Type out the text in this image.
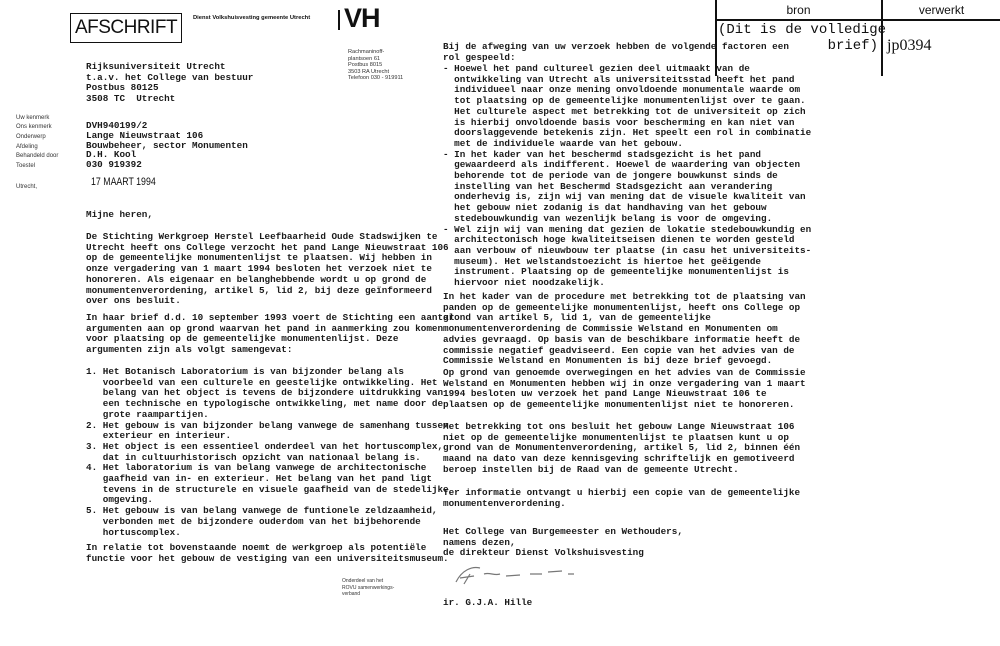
AFSCHRIFT	Dienst Volkshuisvesting gemeente Utrecht VH
Rachmaninoff-
plantsoen 61
Postbus 8015
3503 RA Utrecht
Telefoon 030 - 919911
bron	verwerkt
(Dit is de volledige
brief) jp0394
Rijksuniversiteit Utrecht
t.a.v. het College van bestuur
Postbus 80125
3508 TC  Utrecht
Uw kenmerk
Ons kenmerk
Onderwerp
Afdeling
Behandeld door
Toestel
Utrecht,
DVH940199/2
Lange Nieuwstraat 106
Bouwbeheer, sector Monumenten
D.H. Kool
030 919392
17 MAART 1994
Mijne heren,
De Stichting Werkgroep Herstel Leefbaarheid Oude Stadswijken te
Utrecht heeft ons College verzocht het pand Lange Nieuwstraat 106
op de gemeentelijke monumentenlijst te plaatsen. Wij hebben in
onze vergadering van 1 maart 1994 besloten het verzoek niet te
honoreren. Als eigenaar en belanghebbende wordt u op grond de
monumentenverordening, artikel 5, lid 2, bij deze geïnformeerd
over ons besluit.
In haar brief d.d. 10 september 1993 voert de Stichting een aantal
argumenten aan op grond waarvan het pand in aanmerking zou komen
voor plaatsing op de gemeentelijke monumentenlijst. Deze
argumenten zijn als volgt samengevat:
1. Het Botanisch Laboratorium is van bijzonder belang als
voorbeeld van een culturele en geestelijke ontwikkeling. Het
belang van het object is tevens de bijzondere uitdrukking van
een technische en typologische ontwikkeling, met name door de
grote raampartijen.
2. Het gebouw is van bijzonder belang vanwege de samenhang tussen
exterieur en interieur.
3. Het object is een essentieel onderdeel van het hortuscomplex,
dat in cultuurhistorisch opzicht van nationaal belang is.
4. Het laboratorium is van belang vanwege de architectonische
gaafheid van in- en exterieur. Het belang van het pand ligt
tevens in de structurele en visuele gaafheid van de stedelijke
omgeving.
5. Het gebouw is van belang vanwege de funtionele zeldzaamheid,
verbonden met de bijzondere ouderdom van het bijbehorende
hortuscomplex.
In relatie tot bovenstaande noemt de werkgroep als potentiële
functie voor het gebouw de vestiging van een universiteitsmuseum.
Onderdeel van het
ROVU samenwerkings-
verband
Bij de afweging van uw verzoek hebben de volgende factoren een
rol gespeeld:
- Hoewel het pand cultureel gezien deel uitmaakt van de
ontwikkeling van Utrecht als universiteitsstad heeft het pand
individueel naar onze mening onvoldoende monumentale waarde om
tot plaatsing op de gemeentelijke monumentenlijst over te gaan.
Het culturele aspect met betrekking tot de universiteit op zich
is hierbij onvoldoende basis voor bescherming en kan niet van
doorslaggevende betekenis zijn. Het speelt een rol in combinatie
met de individuele waarde van het gebouw.
- In het kader van het beschermd stadsgezicht is het pand
gewaardeerd als indifferent. Hoewel de waardering van objecten
behorende tot de periode van de jongere bouwkunst sinds de
instelling van het Beschermd Stadsgezicht aan verandering
onderhevig is, zijn wij van mening dat de visuele kwaliteit van
het gebouw niet zodanig is dat handhaving van het gebouw
stedebouwkundig van wezenlijk belang is voor de omgeving.
- Wel zijn wij van mening dat gezien de lokatie stedebouwkundig en
architectonisch hoge kwaliteitseisen dienen te worden gesteld
aan verbouw of nieuwbouw ter plaatse (in casu het universiteits-
museum). Het welstandstoezicht is hiertoe het geëigende
instrument. Plaatsing op de gemeentelijke monumentenlijst is
hiervoor niet noodzakelijk.
In het kader van de procedure met betrekking tot de plaatsing van
panden op de gemeentelijke monumentenlijst, heeft ons College op
grond van artikel 5, lid 1, van de gemeentelijke
monumentenverordening de Commissie Welstand en Monumenten om
advies gevraagd. Op basis van de beschikbare informatie heeft de
commissie negatief geadviseerd. Een copie van het advies van de
Commissie Welstand en Monumenten is bij deze brief gevoegd.
Op grond van genoemde overwegingen en het advies van de Commissie
Welstand en Monumenten hebben wij in onze vergadering van 1 maart
1994 besloten uw verzoek het pand Lange Nieuwstraat 106 te
plaatsen op de gemeentelijke monumentenlijst niet te honoreren.
Met betrekking tot ons besluit het gebouw Lange Nieuwstraat 106
niet op de gemeentelijke monumentenlijst te plaatsen kunt u op
grond van de Monumentenverordening, artikel 5, lid 2, binnen één
maand na dato van deze kennisgeving schriftelijk en gemotiveerd
beroep instellen bij de Raad van de gemeente Utrecht.
Ter informatie ontvangt u hierbij een copie van de gemeentelijke
monumentenverordening.
Het College van Burgemeester en Wethouders,
namens dezen,
de direkteur Dienst Volkshuisvesting
ir. G.J.A. Hille
